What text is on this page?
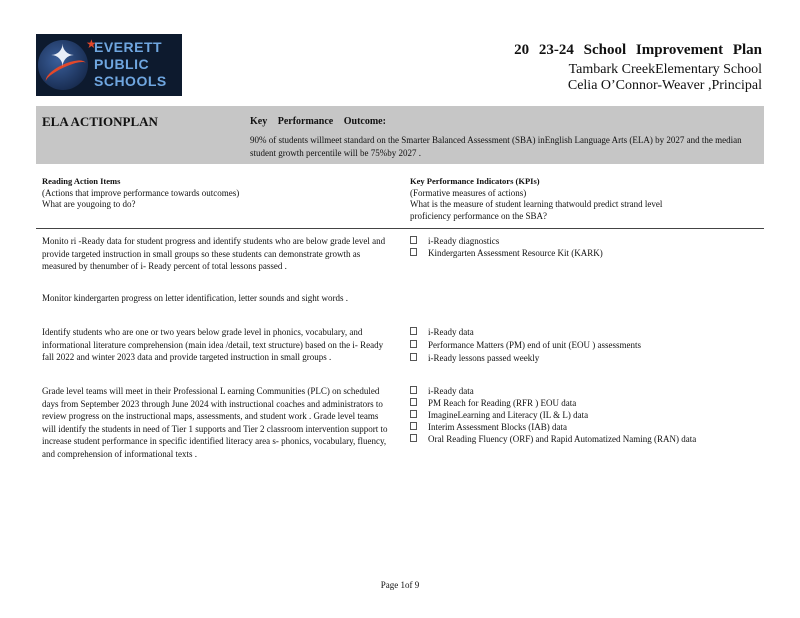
✦ ★
EVERETT
PUBLIC
SCHOOLS
20 23-24 School Improvement Plan
Tambark CreekElementary School
Celia O’Connor-Weaver ,Principal
ELA ACTIONPLAN	Key Performance Outcome:
90% of students willmeet standard on the Smarter Balanced Assessment (SBA) inEnglish Language Arts (ELA) by 2027 and the median student growth percentile will be 75%by 2027 .
Reading Action Items
(Actions that improve performance towards outcomes)
What are yougoing to do?
Key Performance Indicators (KPIs)
(Formative measures of actions)
What is the measure of student learning thatwould predict strand level
proficiency performance on the SBA?
Monito ri -Ready data for student progress and identify students who are below grade level and provide targeted instruction in small groups so these students can demonstrate growth as measured by thenumber of i- Ready percent of total lessons passed .
Monitor kindergarten progress on letter identification, letter sounds and sight words .
i-Ready diagnostics
Kindergarten Assessment Resource Kit (KARK)
Identify students who are one or two years below grade level in phonics, vocabulary, and informational literature comprehension (main idea /detail, text structure) based on the i- Ready fall 2022 and winter 2023 data and provide targeted instruction in small groups .
i-Ready data
Performance Matters (PM) end of unit (EOU ) assessments
i-Ready lessons passed weekly
Grade level teams will meet in their Professional L earning Communities (PLC) on scheduled days from September 2023 through June 2024 with instructional coaches and administrators to review progress on the instructional maps, assessments, and student work . Grade level teams will identify the students in need of Tier 1 supports and Tier 2 classroom intervention support to increase student performance in specific identified literacy area s- phonics, vocabulary, fluency, and comprehension of informational texts .
i-Ready data
PM Reach for Reading (RFR ) EOU data
ImagineLearning and Literacy (IL & L) data
Interim Assessment Blocks (IAB) data
Oral Reading Fluency (ORF) and Rapid Automatized Naming (RAN) data
Page 1of 9
